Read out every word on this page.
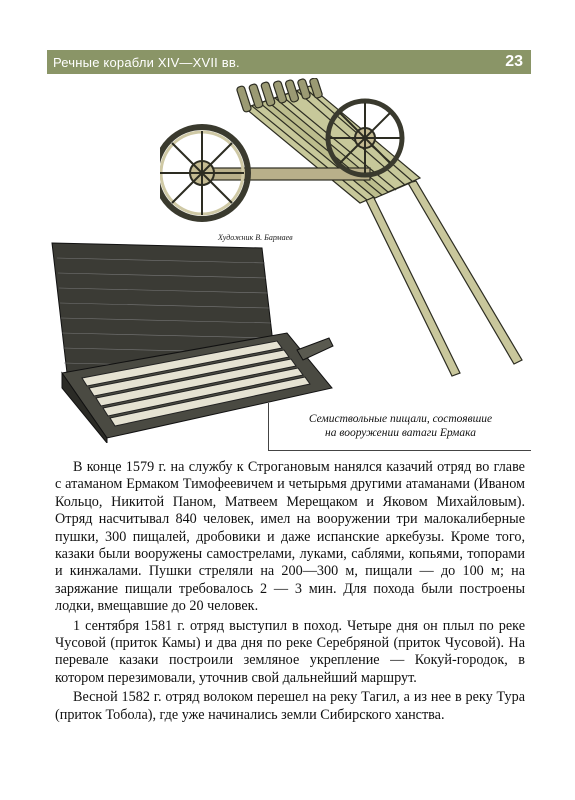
Речные корабли XIV—XVII вв.	23
Художник В. Бармаев
Семиствольные пищали, состоявшие
на вооружении ватаги Ермака

В конце 1579 г. на службу к Строгановым нанялся казачий отряд во главе с атаманом Ермаком Тимофеевичем и четырьмя другими атаманами (Иваном Кольцо, Никитой Паном, Матвеем Мерещаком и Яковом Михайловым). Отряд насчитывал 840 человек, имел на вооружении три малокалиберные пушки, 300 пищалей, дробовики и даже испанские аркебузы. Кроме того, казаки были вооружены самострелами, луками, саблями, копьями, топорами и кинжалами. Пушки стреляли на 200—300 м, пищали — до 100 м; на заряжание пищали требовалось 2 — 3 мин. Для похода были построены лодки, вмещавшие до 20 человек.

1 сентября 1581 г. отряд выступил в поход. Четыре дня он плыл по реке Чусовой (приток Камы) и два дня по реке Серебряной (приток Чусовой). На перевале казаки построили земляное укрепление — Кокуй-городок, в котором перезимовали, уточнив свой дальнейший маршрут.

Весной 1582 г. отряд волоком перешел на реку Тагил, а из нее в реку Тура (приток Тобола), где уже начинались земли Сибирского ханства.
